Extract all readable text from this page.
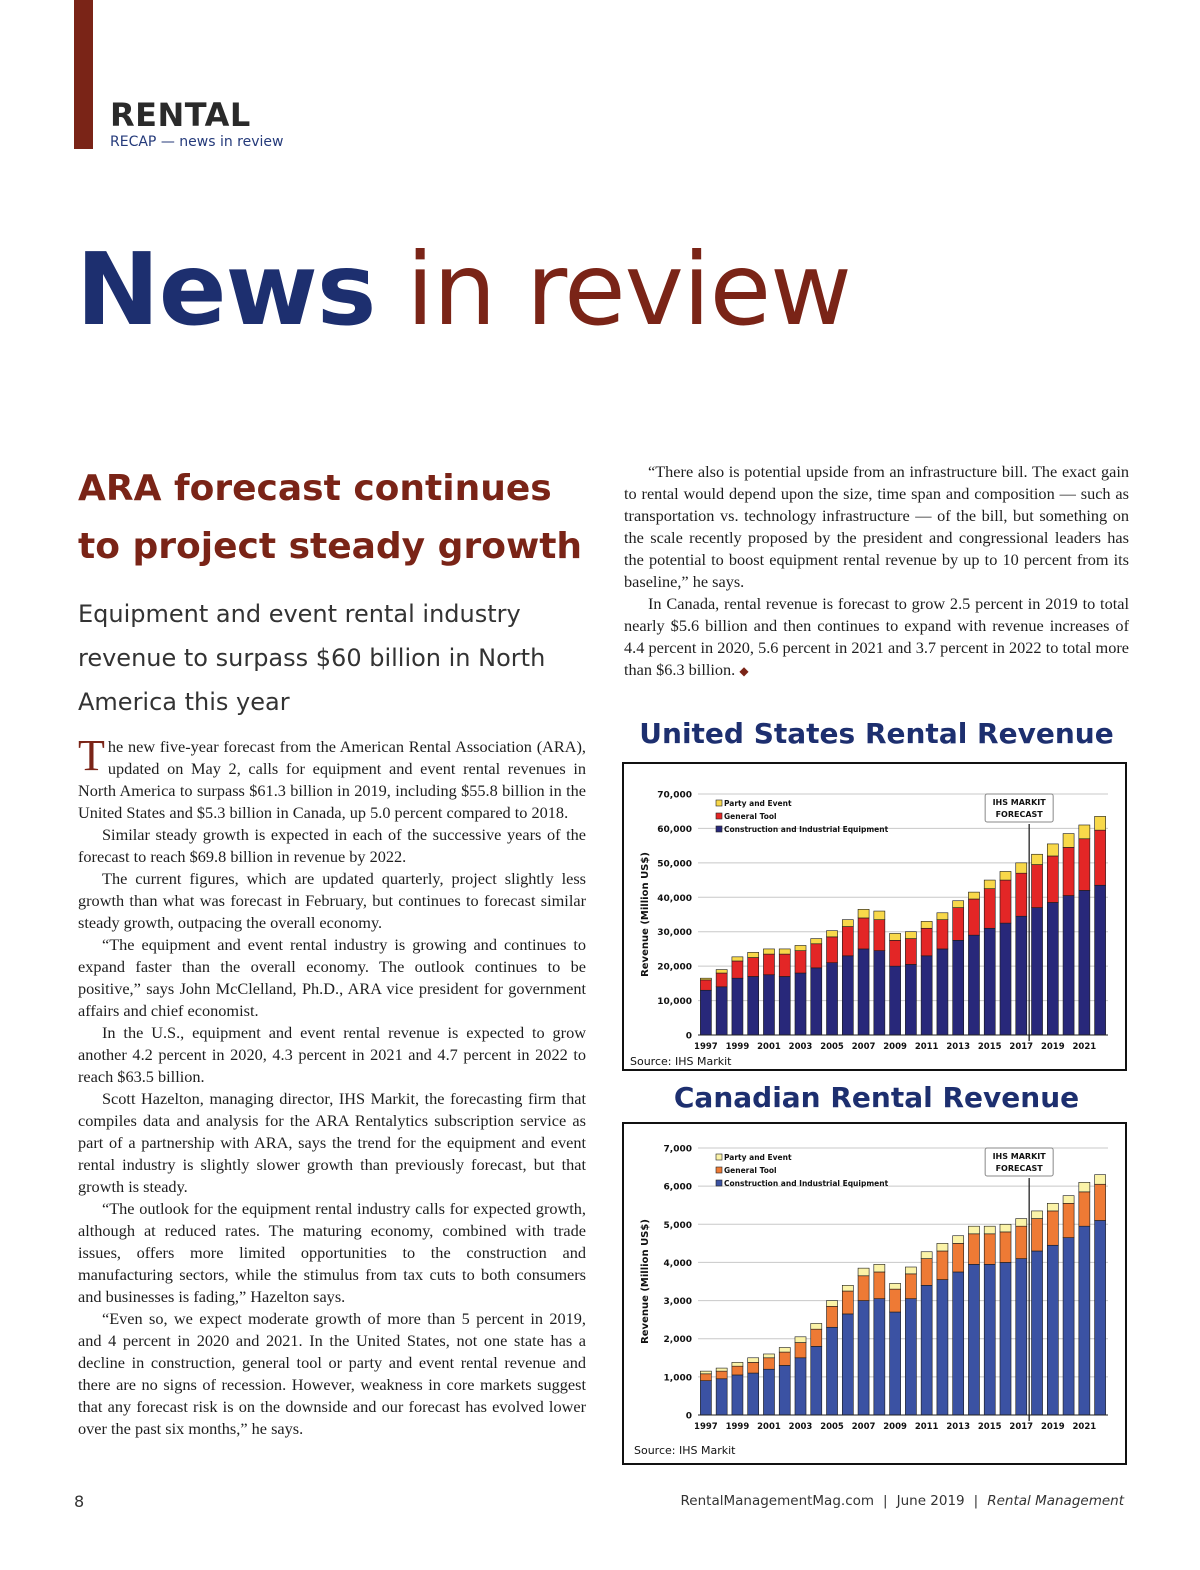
RENTAL
RECAP — news in review
News in review
ARA forecast continues to project steady growth
Equipment and event rental industry revenue to surpass $60 billion in North America this year

The new five-year forecast from the American Rental Association (ARA), updated on May 2, calls for equipment and event rental revenues in North America to surpass $61.3 billion in 2019, including $55.8 billion in the United States and $5.3 billion in Canada, up 5.0 percent compared to 2018.

Similar steady growth is expected in each of the successive years of the forecast to reach $69.8 billion in revenue by 2022.

The current figures, which are updated quarterly, project slightly less growth than what was forecast in February, but continues to forecast similar steady growth, outpacing the overall economy.

“The equipment and event rental industry is growing and continues to expand faster than the overall economy. The outlook continues to be positive,” says John McClelland, Ph.D., ARA vice president for government affairs and chief economist.

In the U.S., equipment and event rental revenue is expected to grow another 4.2 percent in 2020, 4.3 percent in 2021 and 4.7 percent in 2022 to reach $63.5 billion.

Scott Hazelton, managing director, IHS Markit, the forecasting firm that compiles data and analysis for the ARA Rentalytics subscription service as part of a partnership with ARA, says the trend for the equipment and event rental industry is slightly slower growth than previously forecast, but that growth is steady.

“The outlook for the equipment rental industry calls for expected growth, although at reduced rates. The maturing economy, combined with trade issues, offers more limited opportunities to the construction and manufacturing sectors, while the stimulus from tax cuts to both consumers and businesses is fading,” Hazelton says.

“Even so, we expect moderate growth of more than 5 percent in 2019, and 4 percent in 2020 and 2021. In the United States, not one state has a decline in construction, general tool or party and event rental revenue and there are no signs of recession. However, weakness in core markets suggest that any forecast risk is on the downside and our forecast has evolved lower over the past six months,” he says.

“There also is potential upside from an infrastructure bill. The exact gain to rental would depend upon the size, time span and composition — such as transportation vs. technology infrastructure — of the bill, but something on the scale recently proposed by the president and congressional leaders has the potential to boost equipment rental revenue by up to 10 percent from its baseline,” he says.

In Canada, rental revenue is forecast to grow 2.5 percent in 2019 to total nearly $5.6 billion and then continues to expand with revenue increases of 4.4 percent in 2020, 5.6 percent in 2021 and 3.7 percent in 2022 to total more than $6.3 billion. ◆

United States Rental Revenue
0
10,000
20,000
30,000
40,000
50,000
60,000
70,000
Revenue (Million US$)
1997 1999 2001 2003 2005 2007 2009 2011 2013 2015 2017 2019 2021
IHS MARKIT
FORECAST
Party and Event
General Tool
Construction and Industrial Equipment
Source: IHS Markit
Canadian Rental Revenue
0
1,000
2,000
3,000
4,000
5,000
6,000
7,000
Revenue (Million US$)
1997 1999 2001 2003 2005 2007 2009 2011 2013 2015 2017 2019 2021
IHS MARKIT
FORECAST
Party and Event
General Tool
Construction and Industrial Equipment
Source: IHS Markit
8	RentalManagementMag.com | June 2019 | Rental Management
